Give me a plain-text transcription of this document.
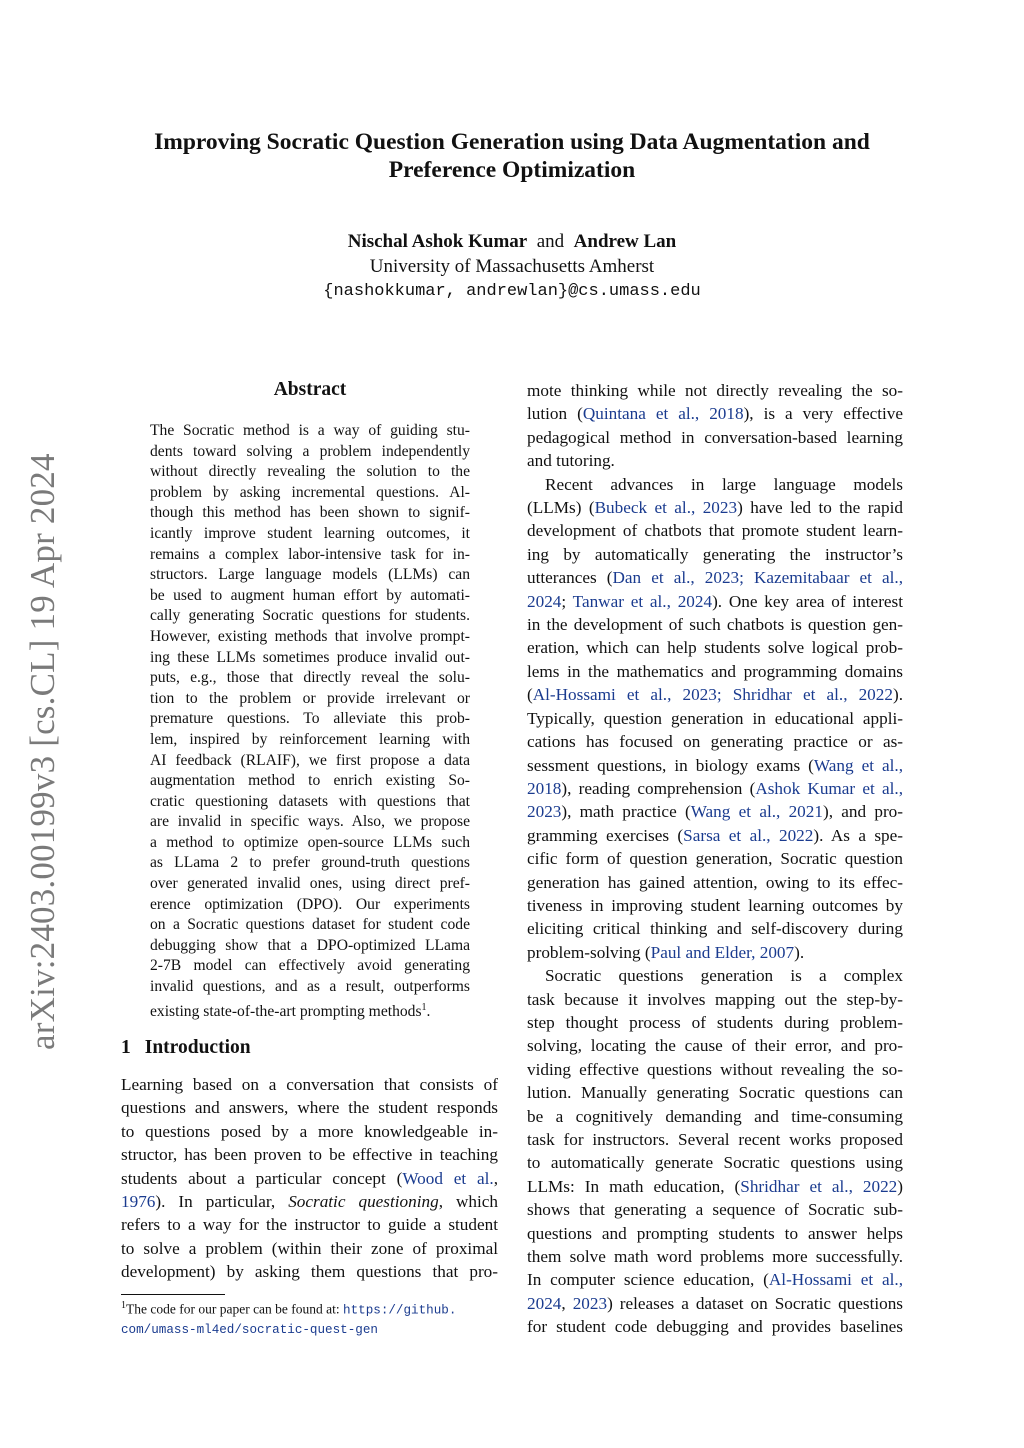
Improving Socratic Question Generation using Data Augmentation and
Preference Optimization
Nischal Ashok Kumar and Andrew Lan
University of Massachusetts Amherst
{nashokkumar, andrewlan}@cs.umass.edu
arXiv:2403.00199v3 [cs.CL] 19 Apr 2024
Abstract
The Socratic method is a way of guiding stu-
dents toward solving a problem independently
without directly revealing the solution to the
problem by asking incremental questions. Al-
though this method has been shown to signif-
icantly improve student learning outcomes, it
remains a complex labor-intensive task for in-
structors. Large language models (LLMs) can
be used to augment human effort by automati-
cally generating Socratic questions for students.
However, existing methods that involve prompt-
ing these LLMs sometimes produce invalid out-
puts, e.g., those that directly reveal the solu-
tion to the problem or provide irrelevant or
premature questions. To alleviate this prob-
lem, inspired by reinforcement learning with
AI feedback (RLAIF), we first propose a data
augmentation method to enrich existing So-
cratic questioning datasets with questions that
are invalid in specific ways. Also, we propose
a method to optimize open-source LLMs such
as LLama 2 to prefer ground-truth questions
over generated invalid ones, using direct pref-
erence optimization (DPO). Our experiments
on a Socratic questions dataset for student code
debugging show that a DPO-optimized LLama
2-7B model can effectively avoid generating
invalid questions, and as a result, outperforms
existing state-of-the-art prompting methods$^1$.
1 Introduction
Learning based on a conversation that consists of
questions and answers, where the student responds
to questions posed by a more knowledgeable in-
structor, has been proven to be effective in teaching
students about a particular concept (Wood et al.,
1976). In particular, Socratic questioning, which
refers to a way for the instructor to guide a student
to solve a problem (within their zone of proximal
development) by asking them questions that pro-
mote thinking while not directly revealing the so-
lution (Quintana et al., 2018), is a very effective
pedagogical method in conversation-based learning
and tutoring.
Recent advances in large language models
(LLMs) (Bubeck et al., 2023) have led to the rapid
development of chatbots that promote student learn-
ing by automatically generating the instructor’s
utterances (Dan et al., 2023; Kazemitabaar et al.,
2024; Tanwar et al., 2024). One key area of interest
in the development of such chatbots is question gen-
eration, which can help students solve logical prob-
lems in the mathematics and programming domains
(Al-Hossami et al., 2023; Shridhar et al., 2022).
Typically, question generation in educational appli-
cations has focused on generating practice or as-
sessment questions, in biology exams (Wang et al.,
2018), reading comprehension (Ashok Kumar et al.,
2023), math practice (Wang et al., 2021), and pro-
gramming exercises (Sarsa et al., 2022). As a spe-
cific form of question generation, Socratic question
generation has gained attention, owing to its effec-
tiveness in improving student learning outcomes by
eliciting critical thinking and self-discovery during
problem-solving (Paul and Elder, 2007).
Socratic questions generation is a complex
task because it involves mapping out the step-by-
step thought process of students during problem-
solving, locating the cause of their error, and pro-
viding effective questions without revealing the so-
lution. Manually generating Socratic questions can
be a cognitively demanding and time-consuming
task for instructors. Several recent works proposed
to automatically generate Socratic questions using
LLMs: In math education, (Shridhar et al., 2022)
shows that generating a sequence of Socratic sub-
questions and prompting students to answer helps
them solve math word problems more successfully.
In computer science education, (Al-Hossami et al.,
2024, 2023) releases a dataset on Socratic questions
for student code debugging and provides baselines
$^1$The code for our paper can be found at: https://github.
com/umass-ml4ed/socratic-quest-gen
